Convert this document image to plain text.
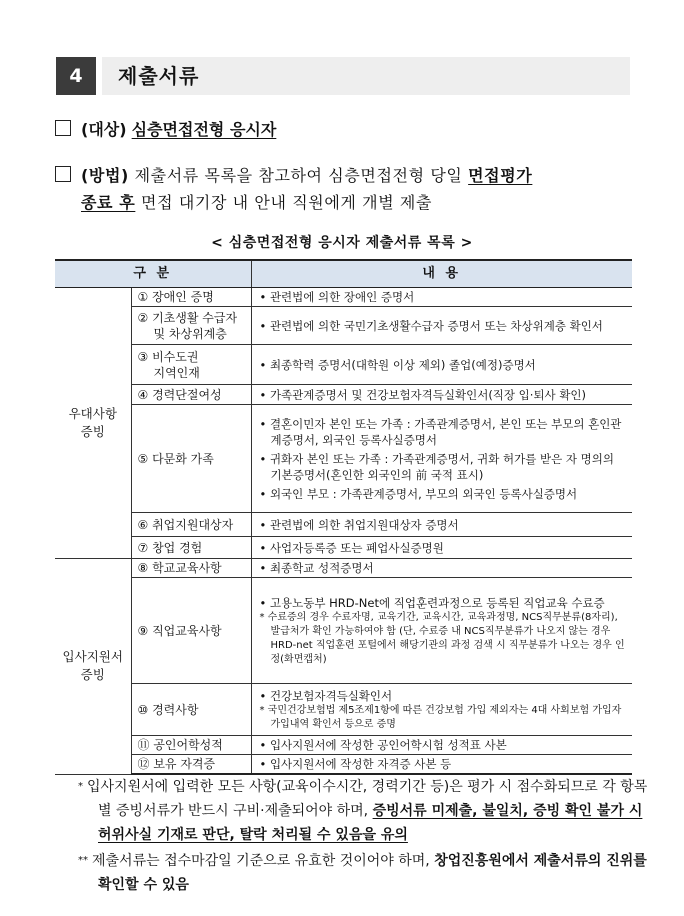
4	제출서류
(대상) 심층면접전형 응시자
(방법) 제출서류 목록을 참고하여 심층면접전형 당일 면접평가
종료 후 면접 대기장 내 안내 직원에게 개별 제출
< 심층면접전형 응시자 제출서류 목록 >
구 분		내 용
우대사항
증빙	① 장애인 증명	• 관련법에 의한 장애인 증명서

	② 기초생활 수급자
및 차상위계층	• 관련법에 의한 국민기초생활수급자 증명서 또는 차상위계층 확인서

	③ 비수도권
지역인재	• 최종학력 증명서(대학원 이상 제외) 졸업(예정)증명서

	④ 경력단절여성	• 가족관계증명서 및 건강보험자격득실확인서(직장 입·퇴사 확인)

	⑤ 다문화 가족	• 결혼이민자 본인 또는 가족 : 가족관계증명서, 본인 또는 부모의 혼인관계증명서, 외국인 등록사실증명서
• 귀화자 본인 또는 가족 : 가족관계증명서, 귀화 허가를 받은 자 명의의 기본증명서(혼인한 외국인의 前 국적 표시)
• 외국인 부모 : 가족관계증명서, 부모의 외국인 등록사실증명서

	⑥ 취업지원대상자	• 관련법에 의한 취업지원대상자 증명서

	⑦ 창업 경험	• 사업자등록증 또는 폐업사실증명원

입사지원서
증빙	⑧ 학교교육사항	• 최종학교 성적증명서

	⑨ 직업교육사항	• 고용노동부 HRD-Net에 직업훈련과정으로 등록된 직업교육 수료증
* 수료증의 경우 수료자명, 교육기간, 교육시간, 교육과정명, NCS직무분류(8자리), 발급처가 확인 가능하여야 함 (단, 수료증 내 NCS직무분류가 나오지 않는 경우 HRD-net 직업훈련 포털에서 해당기관의 과정 검색 시 직무분류가 나오는 경우 인정(화면캡처)

	⑩ 경력사항	• 건강보험자격득실확인서
* 국민건강보험법 제5조제1항에 따른 건강보험 가입 제외자는 4대 사회보험 가입자 가입내역 확인서 등으로 증명

	⑪ 공인어학성적	• 입사지원서에 작성한 공인어학시험 성적표 사본

	⑫ 보유 자격증	• 입사지원서에 작성한 자격증 사본 등
* 입사지원서에 입력한 모든 사항(교육이수시간, 경력기간 등)은 평가 시 점수화되므로 각 항목별 증빙서류가 반드시 구비·제출되어야 하며, 증빙서류 미제출, 불일치, 증빙 확인 불가 시 허위사실 기재로 판단, 탈락 처리될 수 있음을 유의
** 제출서류는 접수마감일 기준으로 유효한 것이어야 하며, 창업진흥원에서 제출서류의 진위를 확인할 수 있음
